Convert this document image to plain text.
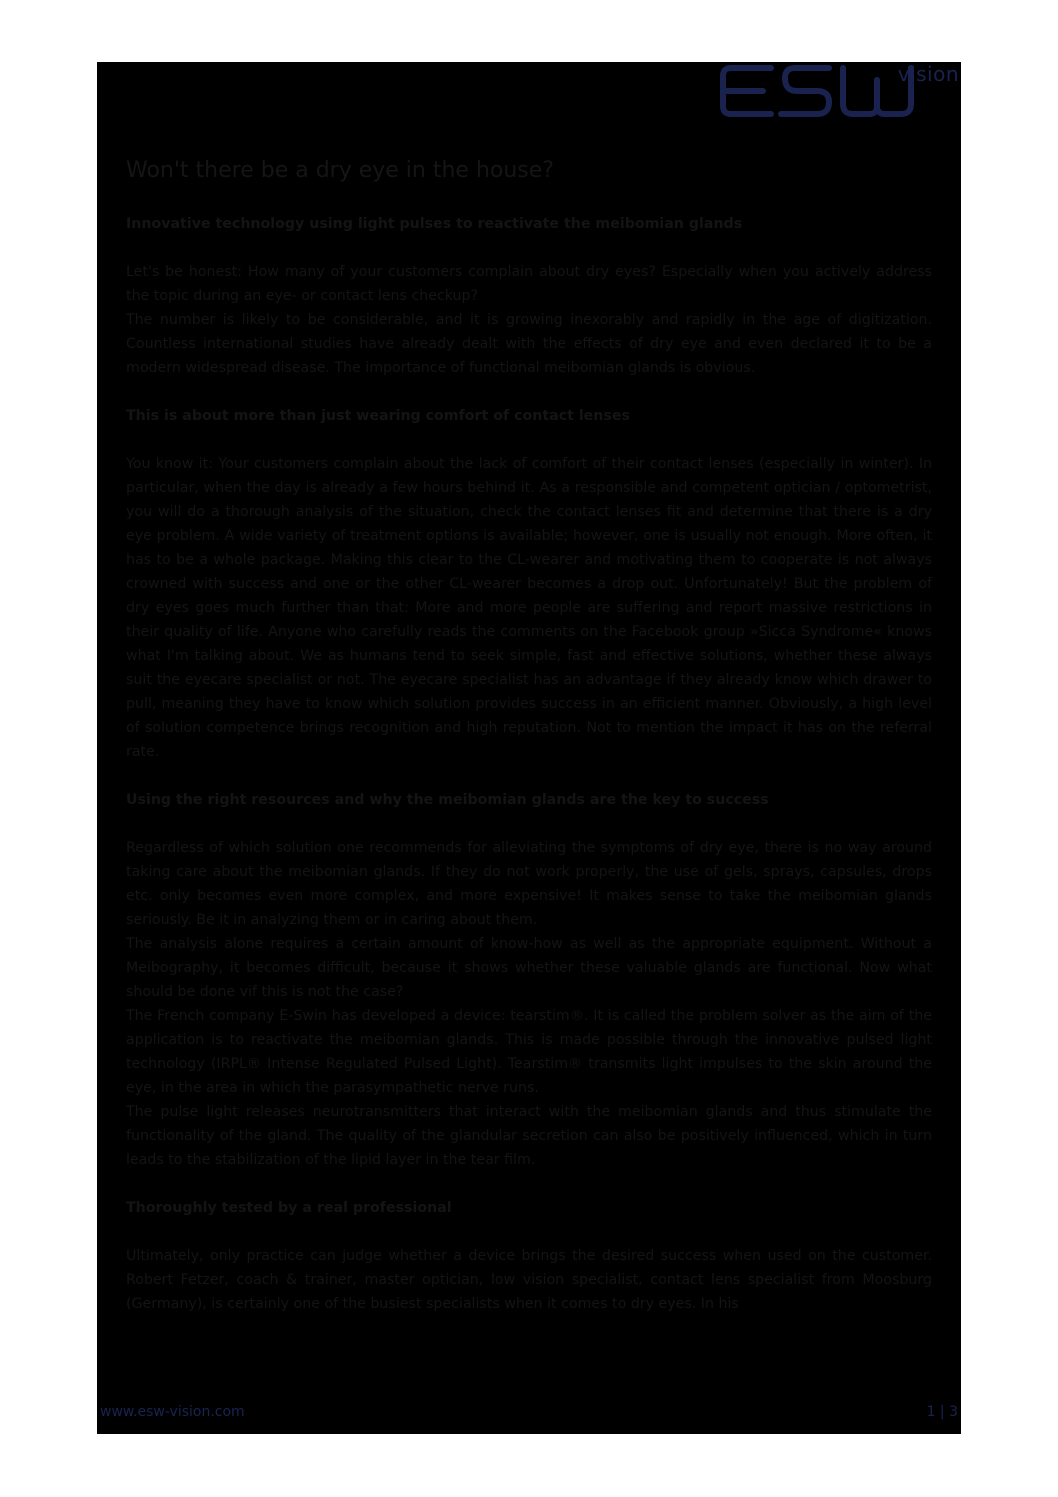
vision
Won't there be a dry eye in the house?
Innovative technology using light pulses to reactivate the meibomian glands

Let's be honest: How many of your customers complain about dry eyes? Especially when you actively address the topic during an eye- or contact lens checkup?

The number is likely to be considerable, and it is growing inexorably and rapidly in the age of digitization. Countless international studies have already dealt with the effects of dry eye and even declared it to be a modern widespread disease. The importance of functional meibomian glands is obvious.

This is about more than just wearing comfort of contact lenses

You know it: Your customers complain about the lack of comfort of their contact lenses (especially in winter). In particular, when the day is already a few hours behind it. As a responsible and competent optician / optometrist, you will do a thorough analysis of the situation, check the contact lenses fit and determine that there is a dry eye problem. A wide variety of treatment options is available; however, one is usually not enough. More often, it has to be a whole package. Making this clear to the CL-wearer and motivating them to cooperate is not always crowned with success and one or the other CL-wearer becomes a drop out. Unfortunately! But the problem of dry eyes goes much further than that: More and more people are suffering and report massive restrictions in their quality of life. Anyone who carefully reads the comments on the Facebook group »Sicca Syndrome« knows what I'm talking about. We as humans tend to seek simple, fast and effective solutions, whether these always suit the eyecare specialist or not. The eyecare specialist has an advantage if they already know which drawer to pull, meaning they have to know which solution provides success in an efficient manner. Obviously, a high level of solution competence brings recognition and high reputation. Not to mention the impact it has on the referral rate.

Using the right resources and why the meibomian glands are the key to success

Regardless of which solution one recommends for alleviating the symptoms of dry eye, there is no way around taking care about the meibomian glands. If they do not work properly, the use of gels, sprays, capsules, drops etc. only becomes even more complex, and more expensive! It makes sense to take the meibomian glands seriously. Be it in analyzing them or in caring about them.

The analysis alone requires a certain amount of know-how as well as the appropriate equipment. Without a Meibography, it becomes difficult, because it shows whether these valuable glands are functional. Now what should be done vif this is not the case?

The French company E-Swin has developed a device: tearstim®. It is called the problem solver as the aim of the application is to reactivate the meibomian glands. This is made possible through the innovative pulsed light technology (IRPL® Intense Regulated Pulsed Light). Tearstim® transmits light impulses to the skin around the eye, in the area in which the parasympathetic nerve runs.

The pulse light releases neurotransmitters that interact with the meibomian glands and thus stimulate the functionality of the gland. The quality of the glandular secretion can also be positively influenced, which in turn leads to the stabilization of the lipid layer in the tear film.

Thoroughly tested by a real professional

Ultimately, only practice can judge whether a device brings the desired success when used on the customer. Robert Fetzer, coach & trainer, master optician, low vision specialist, contact lens specialist from Moosburg (Germany), is certainly one of the busiest specialists when it comes to dry eyes. In his

www.esw-vision.com	1 | 3
